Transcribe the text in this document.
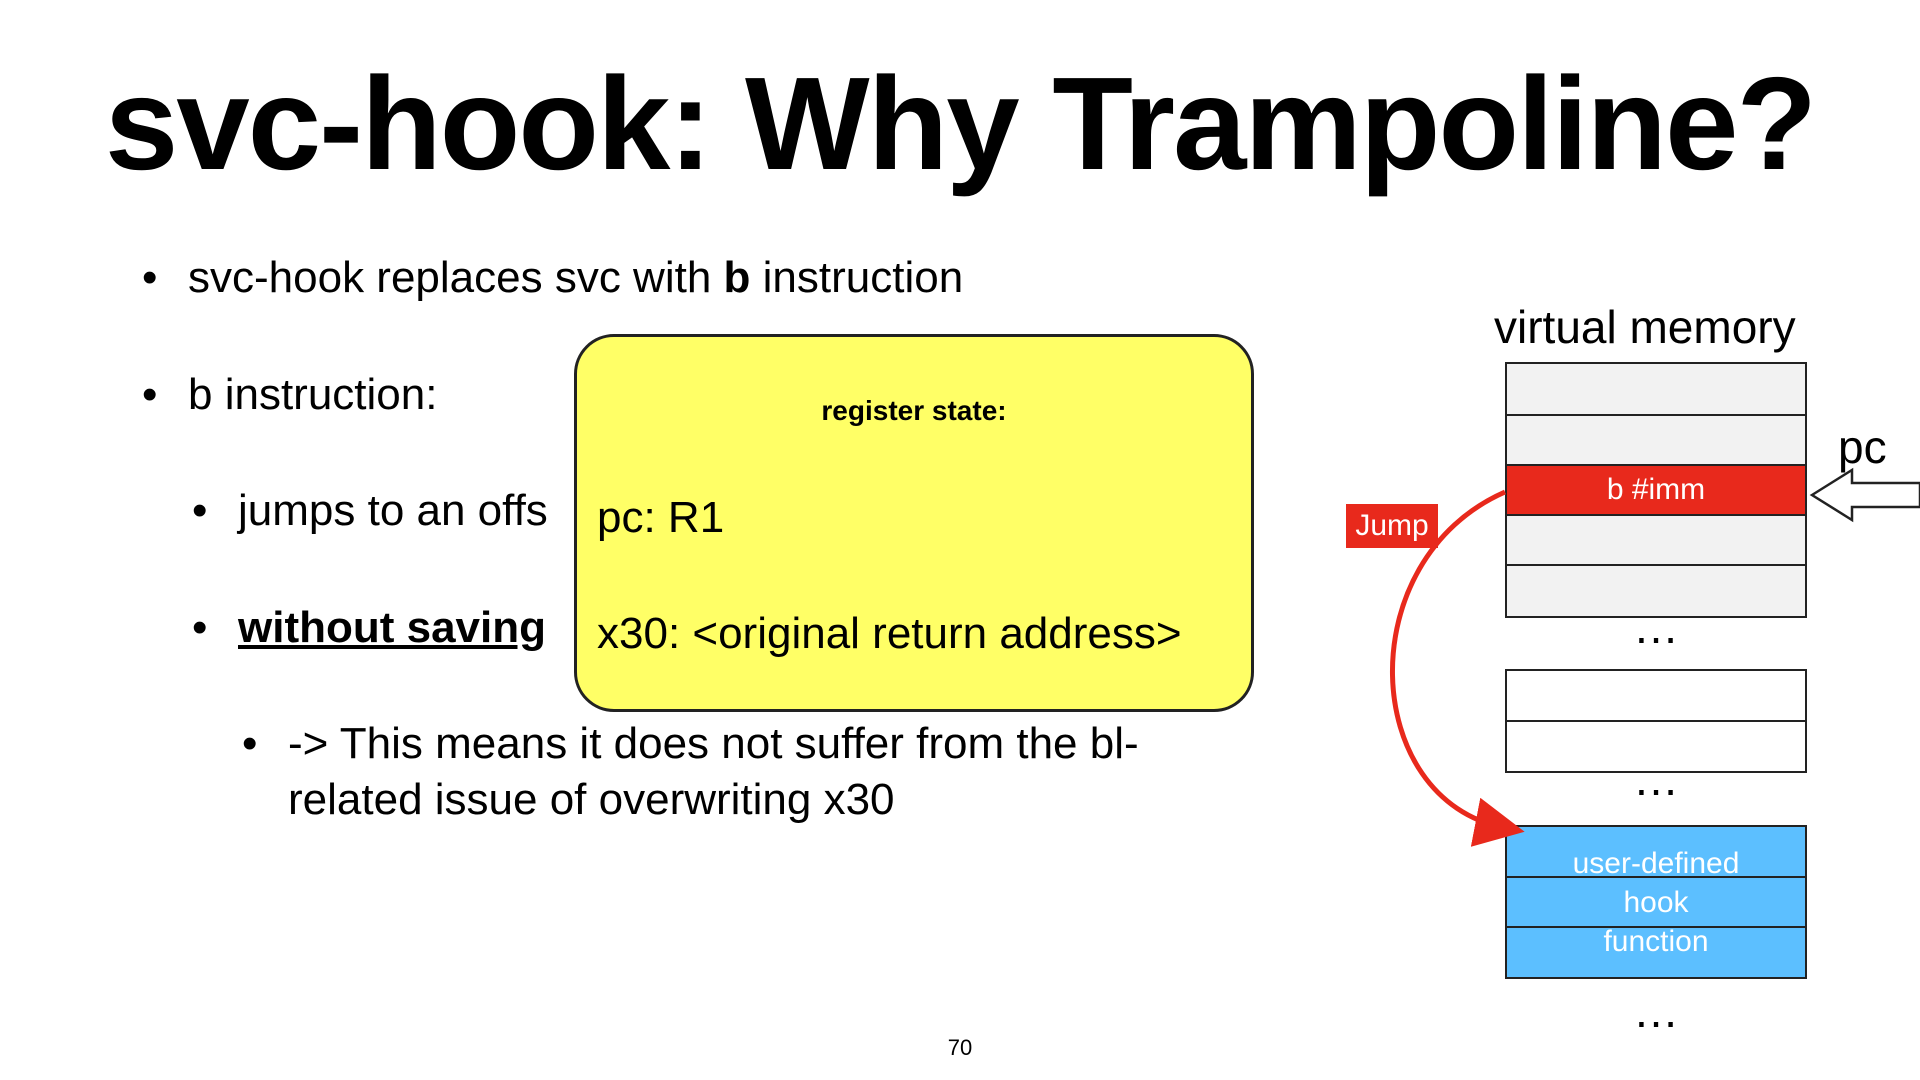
svc-hook: Why Trampoline?
• svc-hook replaces svc with b instruction
• b instruction:
• jumps to an offs
• without saving
• -> This means it does not suffer from the bl-
related issue of overwriting x30
register state:
pc: R1
x30: <original return address>
virtual memory
b #imm
…
…
user-defined
hook
function
…
pc
Jump
70
